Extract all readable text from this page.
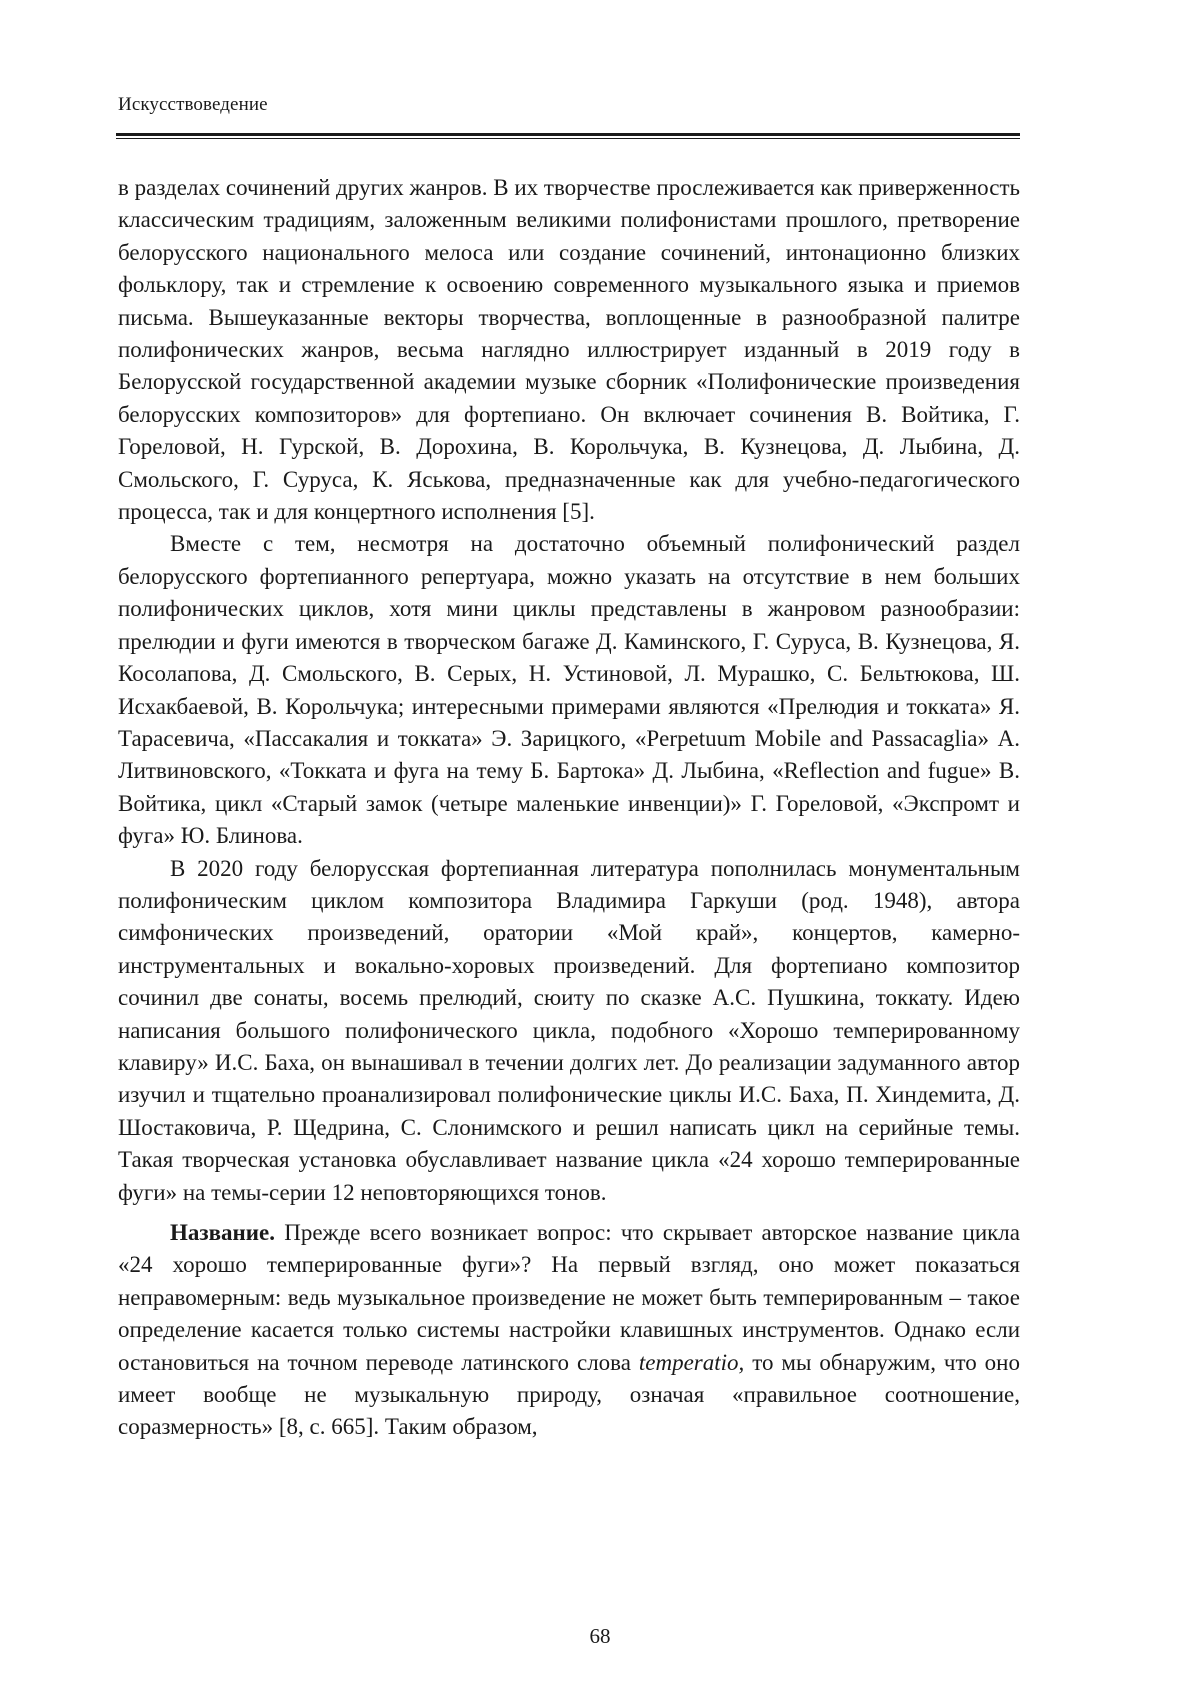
Искусствоведение

в разделах сочинений других жанров. В их творчестве прослеживается как приверженность классическим традициям, заложенным великими полифонистами прошлого, претворение белорусского национального мелоса или создание сочинений, интонационно близких фольклору, так и стремление к освоению современного музыкального языка и приемов письма. Вышеуказанные векторы творчества, воплощенные в разнообразной палитре полифонических жанров, весьма наглядно иллюстрирует изданный в 2019 году в Белорусской государственной академии музыке сборник «Полифонические произведения белорусских композиторов» для фортепиано. Он включает сочинения В. Войтика, Г. Гореловой, Н. Гурской, В. Дорохина, В. Корольчука, В. Кузнецова, Д. Лыбина, Д. Смольского, Г. Суруса, К. Яськова, предназначенные как для учебно-педагогического процесса, так и для концертного исполнения [5].

Вместе с тем, несмотря на достаточно объемный полифонический раздел белорусского фортепианного репертуара, можно указать на отсутствие в нем больших полифонических циклов, хотя мини циклы представлены в жанровом разнообразии: прелюдии и фуги имеются в творческом багаже Д. Каминского, Г. Суруса, В. Кузнецова, Я. Косолапова, Д. Смольского, В. Серых, Н. Устиновой, Л. Мурашко, С. Бельтюкова, Ш. Исхакбаевой, В. Корольчука; интересными примерами являются «Прелюдия и токката» Я. Тарасевича, «Пассакалия и токката» Э. Зарицкого, «Perpetuum Mobile and Passacaglia» А. Литвиновского, «Токката и фуга на тему Б. Бартока» Д. Лыбина, «Reflection and fugue» В. Войтика, цикл «Старый замок (четыре маленькие инвенции)» Г. Гореловой, «Экспромт и фуга» Ю. Блинова.

В 2020 году белорусская фортепианная литература пополнилась монументальным полифоническим циклом композитора Владимира Гаркуши (род. 1948), автора симфонических произведений, оратории «Мой край», концертов, камерно-инструментальных и вокально-хоровых произведений. Для фортепиано композитор сочинил две сонаты, восемь прелюдий, сюиту по сказке А.С. Пушкина, токкату. Идею написания большого полифонического цикла, подобного «Хорошо темперированному клавиру» И.С. Баха, он вынашивал в течении долгих лет. До реализации задуманного автор изучил и тщательно проанализировал полифонические циклы И.С. Баха, П. Хиндемита, Д. Шостаковича, Р. Щедрина, С. Слонимского и решил написать цикл на серийные темы. Такая творческая установка обуславливает название цикла «24 хорошо темперированные фуги» на темы-серии 12 неповторяющихся тонов.

Название. Прежде всего возникает вопрос: что скрывает авторское название цикла «24 хорошо темперированные фуги»? На первый взгляд, оно может показаться неправомерным: ведь музыкальное произведение не может быть темперированным – такое определение касается только системы настройки клавишных инструментов. Однако если остановиться на точном переводе латинского слова temperatio, то мы обнаружим, что оно имеет вообще не музыкальную природу, означая «правильное соотношение, соразмерность» [8, с. 665]. Таким образом,

68
